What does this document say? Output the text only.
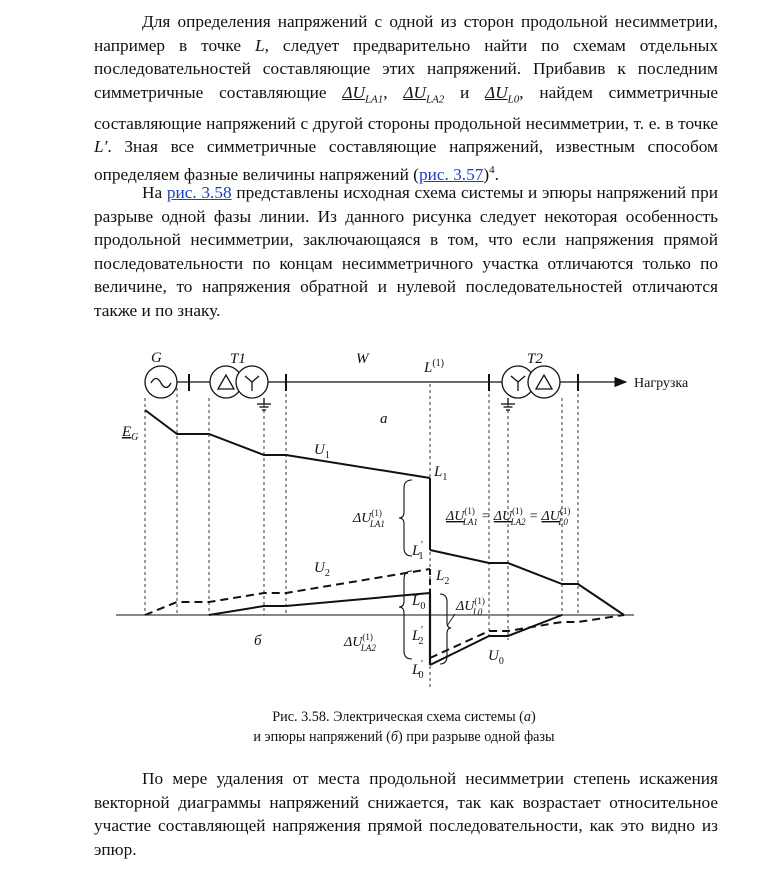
Для определения напряжений с одной из сторон продольной несимметрии, например в точке L, следует предварительно найти по схемам отдельных последовательностей составляющие этих напряжений. Прибавив к последним симметричные составляющие $\Delta U_{LA1}$, $\Delta U_{LA2}$ и $\Delta U_{L0}$, найдем симметричные составляющие напряжений с другой стороны продольной несимметрии, т. е. в точке L′. Зная все симметричные составляющие напряжений, известным способом определяем фазные величины напряжений (рис. 3.57)$^4$.

На рис. 3.58 представлены исходная схема системы и эпюры напряжений при разрыве одной фазы линии. Из данного рисунка следует некоторая особенность продольной несимметрии, заключающаяся в том, что если напряжения прямой последовательности по концам несимметричного участка отличаются только по величине, то напряжения обратной и нулевой последовательностей отличаются также и по знаку.

G	T1	W
$L^{(1)}$	T2
Нагрузка
а
б
$E_G$
$U_1$
$U_2$
$U_0$
$L_1$
L′ 1
$L_2$
$L_0$
L′ 2
L′ 0
ΔU$^{(1)}$ LA1
ΔU$^{(1)}$ LA2
ΔU$^{(1)}$ L0
ΔU$^{(1)}$ $LA1 = \Delta U^{(1)}$ $LA2 = \Delta U^{(1)}$ L0
Рис. 3.58. Электрическая схема системы (а)
и эпюры напряжений (б) при разрыве одной фазы

По мере удаления от места продольной несимметрии степень искажения векторной диаграммы напряжений снижается, так как возрастает относительное участие составляющей напряжения прямой последовательности, как это видно из эпюр.
